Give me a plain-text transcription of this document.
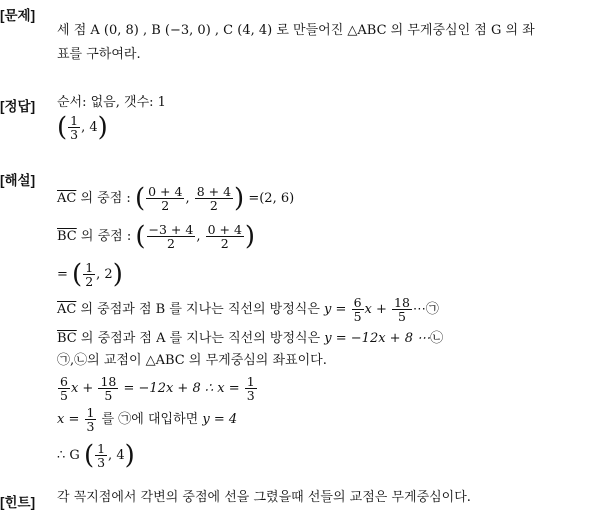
[문제]
세 점 A (0, 8) , B (−3, 0) , C (4, 4) 로 만들어진 △ABC 의 무게중심인 점 G 의 좌
표를 구하여라.
[정답] 순서: 없음, 갯수: 1
( $\frac{1}{3}$ , 4)
[해설]
$\overline{AC}$ 의 중점 : ( $\frac{0 + 4}{2}$ , $\frac{8 + 4}{2}$ ) =(2, 6)
$\overline{BC}$ 의 중점 : ( $\frac{-3 + 4}{2}$ , $\frac{0 + 4}{2}$ )
= ( $\frac{1}{2}$ , 2)
$\overline{AC}$ 의 중점과 점 B 를 지나는 직선의 방정식은 $y = \frac{6}{5}$ $x + \frac{18}{5}$ ⋯㉠
$\overline{BC}$ 의 중점과 점 A 를 지나는 직선의 방정식은 y = −12x + 8 ⋯㉡
㉠,㉡의 교점이 △ABC 의 무게중심의 좌표이다.
$\frac{6}{5}$ $x + \frac{18}{5} = -12x + 8$ ∴ $x = \frac{1}{3}$
$x = \frac{1}{3}$ 를 ㉠에 대입하면 y = 4
∴ G ( $\frac{1}{3}$ , 4)
[힌트] 각 꼭지점에서 각변의 중점에 선을 그렸을때 선들의 교점은 무게중심이다.
